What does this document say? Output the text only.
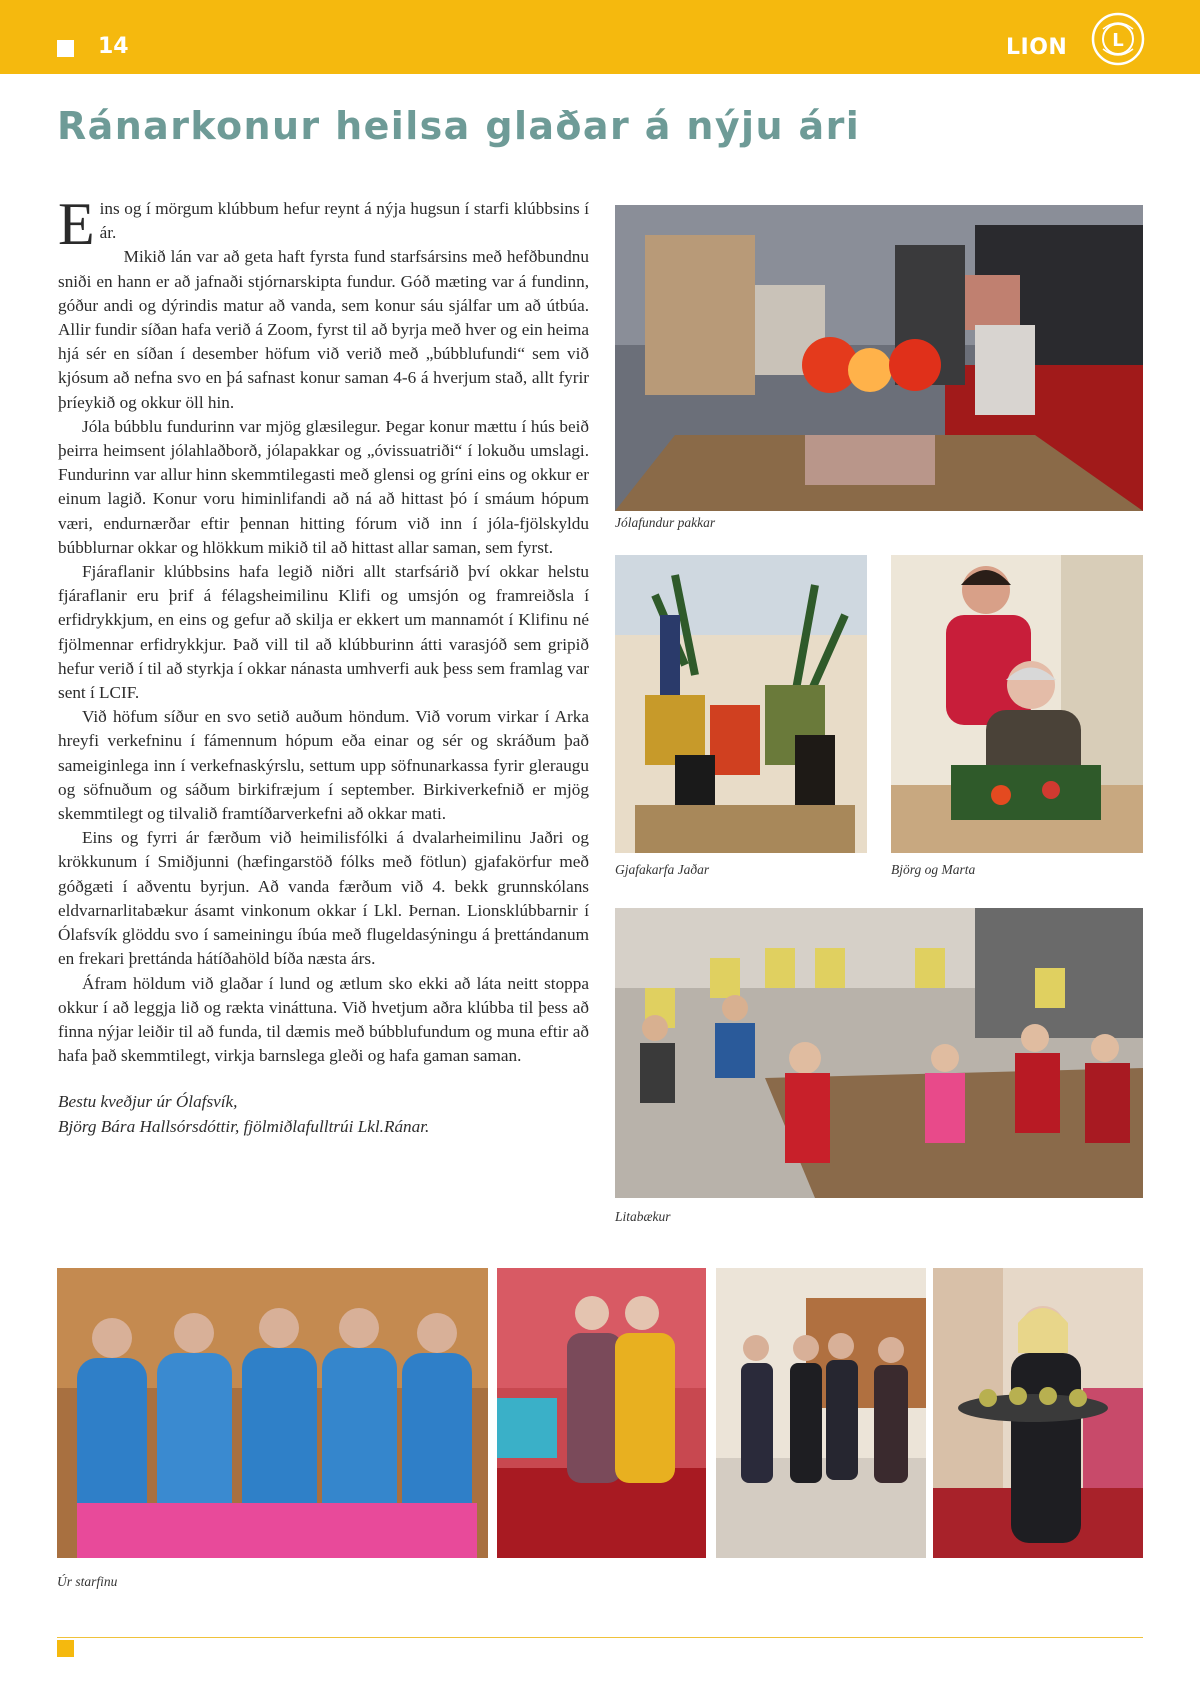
14	LION L
Ránarkonur heilsa glaðar á nýju ári

Eins og í mörgum klúbbum hefur reynt á nýja hugsun í starfi klúbbsins í ár.

Mikið lán var að geta haft fyrsta fund starfsársins með hefðbundnu sniði en hann er að jafnaði stjórnarskipta fundur. Góð mæting var á fundinn, góður andi og dýrindis matur að vanda, sem konur sáu sjálfar um að útbúa. Allir fundir síðan hafa verið á Zoom, fyrst til að byrja með hver og ein heima hjá sér en síðan í desember höfum við verið með „búbblufundi“ sem við kjósum að nefna svo en þá safnast konur saman 4-6 á hverjum stað, allt fyrir þríeykið og okkur öll hin.

Jóla búbblu fundurinn var mjög glæsilegur. Þegar konur mættu í hús beið þeirra heimsent jólahlaðborð, jólapakkar og „óvissuatriði“ í lokuðu umslagi. Fundurinn var allur hinn skemmtilegasti með glensi og gríni eins og okkur er einum lagið. Konur voru himinlifandi að ná að hittast þó í smáum hópum væri, endurnærðar eftir þennan hitting fórum við inn í jóla-fjölskyldu búbblurnar okkar og hlökkum mikið til að hittast allar saman, sem fyrst.

Fjáraflanir klúbbsins hafa legið niðri allt starfsárið því okkar helstu fjáraflanir eru þrif á félagsheimilinu Klifi og umsjón og framreiðsla í erfidrykkjum, en eins og gefur að skilja er ekkert um mannamót í Klifinu né fjölmennar erfidrykkjur. Það vill til að klúbburinn átti varasjóð sem gripið hefur verið í til að styrkja í okkar nánasta umhverfi auk þess sem framlag var sent í LCIF.

Við höfum síður en svo setið auðum höndum. Við vorum virkar í Arka hreyfi verkefninu í fámennum hópum eða einar og sér og skráðum það sameiginlega inn í verkefnaskýrslu, settum upp söfnunarkassa fyrir gleraugu og söfnuðum og sáðum birkifræjum í september. Birkiverkefnið er mjög skemmtilegt og tilvalið framtíðarverkefni að okkar mati.

Eins og fyrri ár færðum við heimilisfólki á dvalarheimilinu Jaðri og krökkunum í Smiðjunni (hæfingarstöð fólks með fötlun) gjafakörfur með góðgæti í aðventu byrjun. Að vanda færðum við 4. bekk grunnskólans eldvarnarlitabækur ásamt vinkonum okkar í Lkl. Þernan. Lionsklúbbarnir í Ólafsvík glöddu svo í sameiningu íbúa með flugeldasýningu á þrettándanum en frekari þrettánda hátíðahöld bíða næsta árs.

Áfram höldum við glaðar í lund og ætlum sko ekki að láta neitt stoppa okkur í að leggja lið og rækta vináttuna. Við hvetjum aðra klúbba til þess að finna nýjar leiðir til að funda, til dæmis með búbblufundum og muna eftir að hafa það skemmtilegt, virkja barnslega gleði og hafa gaman saman.

Bestu kveðjur úr Ólafsvík,
Björg Bára Hallsórsdóttir, fjölmiðlafulltrúi Lkl.Ránar.
Jólafundur pakkar
Gjafakarfa Jaðar	Björg og Marta
Litabækur
Úr starfinu
